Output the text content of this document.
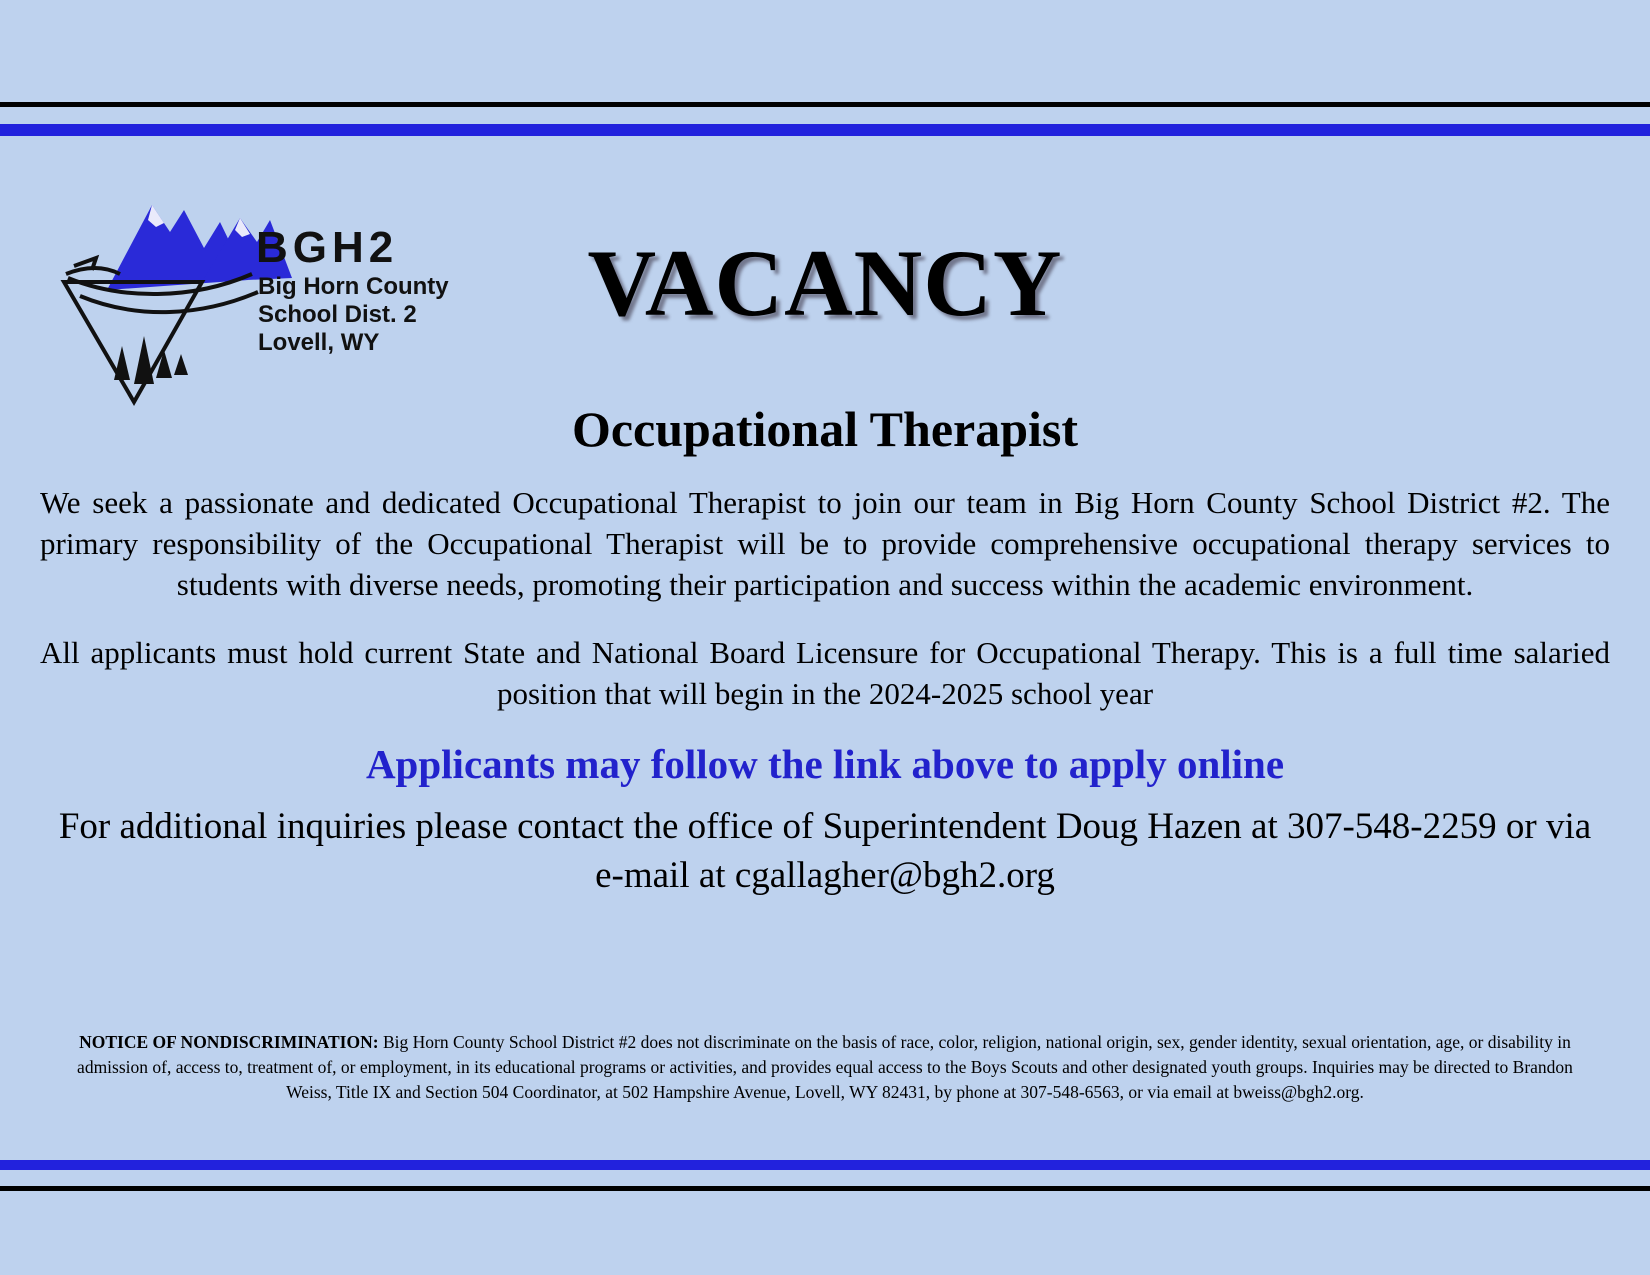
BGH2
Big Horn County
School Dist. 2
Lovell, WY
VACANCY
Occupational Therapist

We seek a passionate and dedicated Occupational Therapist to join our team in Big Horn County School District #2. The primary responsibility of the Occupational Therapist will be to provide comprehensive occupational therapy services to students with diverse needs, promoting their participation and success within the academic environment.

All applicants must hold current State and National Board Licensure for Occupational Therapy. This is a full time salaried position that will begin in the 2024-2025 school year

Applicants may follow the link above to apply online

For additional inquiries please contact the office of Superintendent Doug Hazen at 307-548-2259 or via e-mail at cgallagher@bgh2.org

NOTICE OF NONDISCRIMINATION: Big Horn County School District #2 does not discriminate on the basis of race, color, religion, national origin, sex, gender identity, sexual orientation, age, or disability in admission of, access to, treatment of, or employment, in its educational programs or activities, and provides equal access to the Boys Scouts and other designated youth groups. Inquiries may be directed to Brandon Weiss, Title IX and Section 504 Coordinator, at 502 Hampshire Avenue, Lovell, WY 82431, by phone at 307-548-6563, or via email at bweiss@bgh2.org.
